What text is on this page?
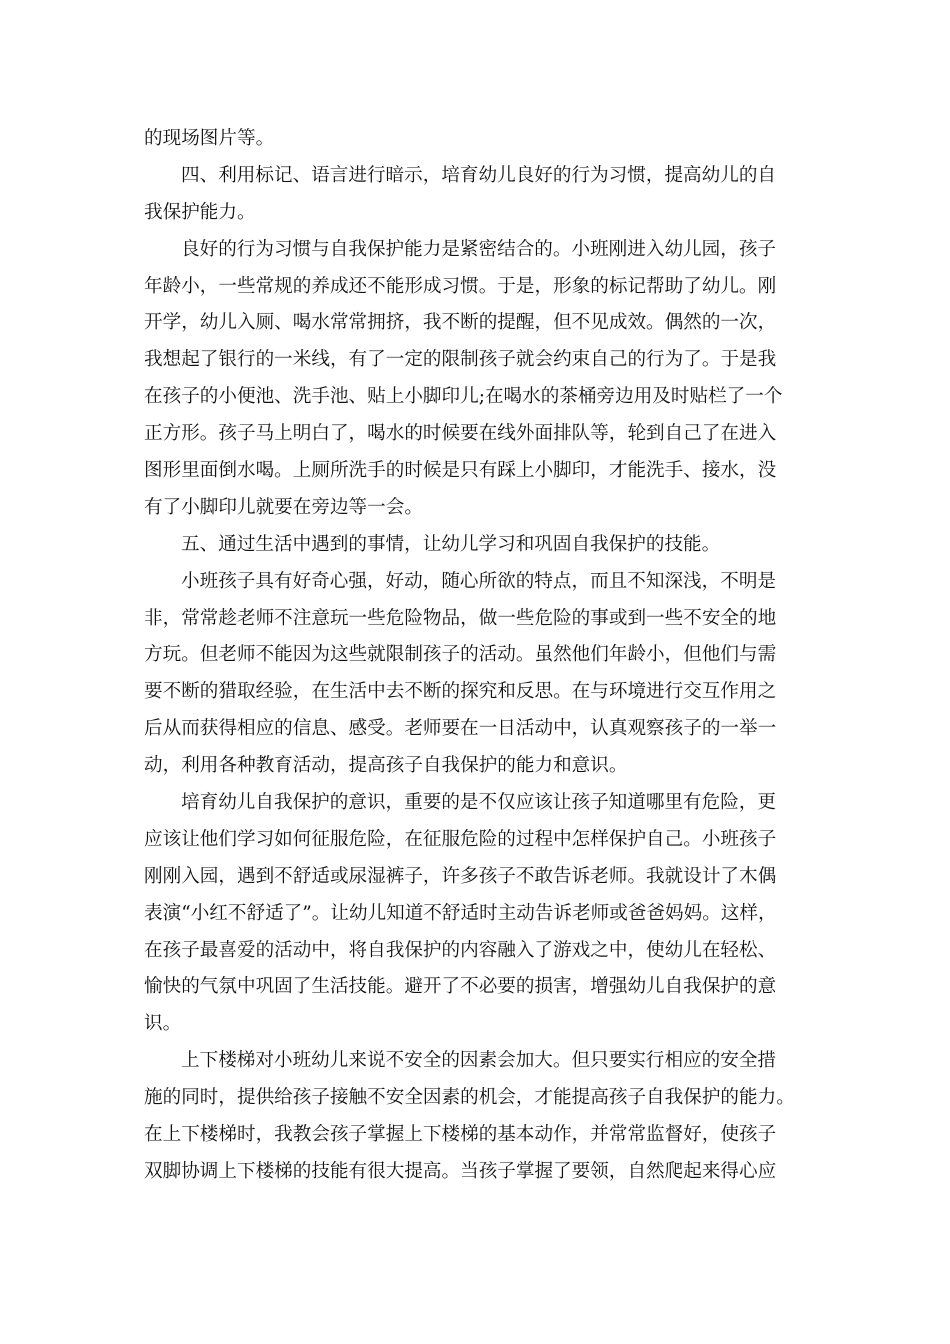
的现场图片等。
四、利用标记、语言进行暗示，培育幼儿良好的行为习惯，提高幼儿的自
我保护能力。
良好的行为习惯与自我保护能力是紧密结合的。小班刚进入幼儿园，孩子
年龄小，一些常规的养成还不能形成习惯。于是，形象的标记帮助了幼儿。刚
开学，幼儿入厕、喝水常常拥挤，我不断的提醒，但不见成效。偶然的一次，
我想起了银行的一米线，有了一定的限制孩子就会约束自己的行为了。于是我
在孩子的小便池、洗手池、贴上小脚印儿;在喝水的茶桶旁边用及时贴栏了一个
正方形。孩子马上明白了，喝水的时候要在线外面排队等，轮到自己了在进入
图形里面倒水喝。上厕所洗手的时候是只有踩上小脚印，才能洗手、接水，没
有了小脚印儿就要在旁边等一会。
五、通过生活中遇到的事情，让幼儿学习和巩固自我保护的技能。
小班孩子具有好奇心强，好动，随心所欲的特点，而且不知深浅，不明是
非，常常趁老师不注意玩一些危险物品，做一些危险的事或到一些不安全的地
方玩。但老师不能因为这些就限制孩子的活动。虽然他们年龄小，但他们与需
要不断的猎取经验，在生活中去不断的探究和反思。在与环境进行交互作用之
后从而获得相应的信息、感受。老师要在一日活动中，认真观察孩子的一举一
动，利用各种教育活动，提高孩子自我保护的能力和意识。
培育幼儿自我保护的意识，重要的是不仅应该让孩子知道哪里有危险，更
应该让他们学习如何征服危险，在征服危险的过程中怎样保护自己。小班孩子
刚刚入园，遇到不舒适或尿湿裤子，许多孩子不敢告诉老师。我就设计了木偶
表演“小红不舒适了”。让幼儿知道不舒适时主动告诉老师或爸爸妈妈。这样，
在孩子最喜爱的活动中，将自我保护的内容融入了游戏之中，使幼儿在轻松、
愉快的气氛中巩固了生活技能。避开了不必要的损害，增强幼儿自我保护的意
识。
上下楼梯对小班幼儿来说不安全的因素会加大。但只要实行相应的安全措
施的同时，提供给孩子接触不安全因素的机会，才能提高孩子自我保护的能力。
在上下楼梯时，我教会孩子掌握上下楼梯的基本动作，并常常监督好，使孩子
双脚协调上下楼梯的技能有很大提高。当孩子掌握了要领，自然爬起来得心应
